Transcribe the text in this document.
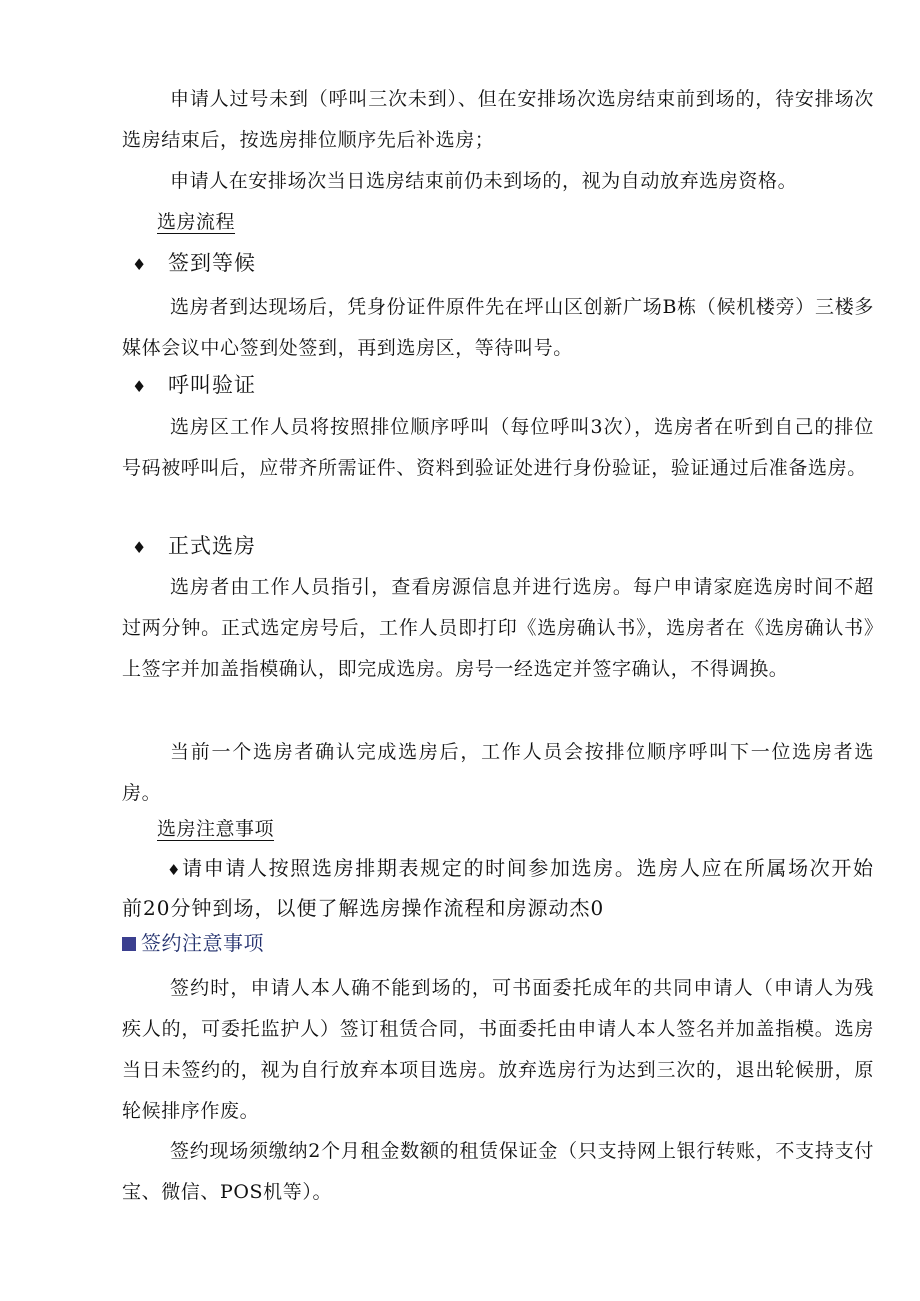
申请人过号未到（呼叫三次未到）、但在安排场次选房结束前到场的，待安排场次选房结束后，按选房排位顺序先后补选房；

申请人在安排场次当日选房结束前仍未到场的，视为自动放弃选房资格。

选房流程

♦ 签到等候

选房者到达现场后，凭身份证件原件先在坪山区创新广场B栋（候机楼旁）三楼多媒体会议中心签到处签到，再到选房区，等待叫号。

♦ 呼叫验证

选房区工作人员将按照排位顺序呼叫（每位呼叫3次），选房者在听到自己的排位号码被呼叫后，应带齐所需证件、资料到验证处进行身份验证，验证通过后准备选房。

♦ 正式选房

选房者由工作人员指引，查看房源信息并进行选房。每户申请家庭选房时间不超过两分钟。正式选定房号后，工作人员即打印《选房确认书》，选房者在《选房确认书》上签字并加盖指模确认，即完成选房。房号一经选定并签字确认，不得调换。

当前一个选房者确认完成选房后，工作人员会按排位顺序呼叫下一位选房者选房。

选房注意事项

♦请申请人按照选房排期表规定的时间参加选房。选房人应在所属场次开始前20分钟到场，以便了解选房操作流程和房源动杰0

签约注意事项

签约时，申请人本人确不能到场的，可书面委托成年的共同申请人（申请人为残疾人的，可委托监护人）签订租赁合同，书面委托由申请人本人签名并加盖指模。选房当日未签约的，视为自行放弃本项目选房。放弃选房行为达到三次的，退出轮候册，原轮候排序作废。

签约现场须缴纳2个月租金数额的租赁保证金（只支持网上银行转账，不支持支付宝、微信、POS机等）。
